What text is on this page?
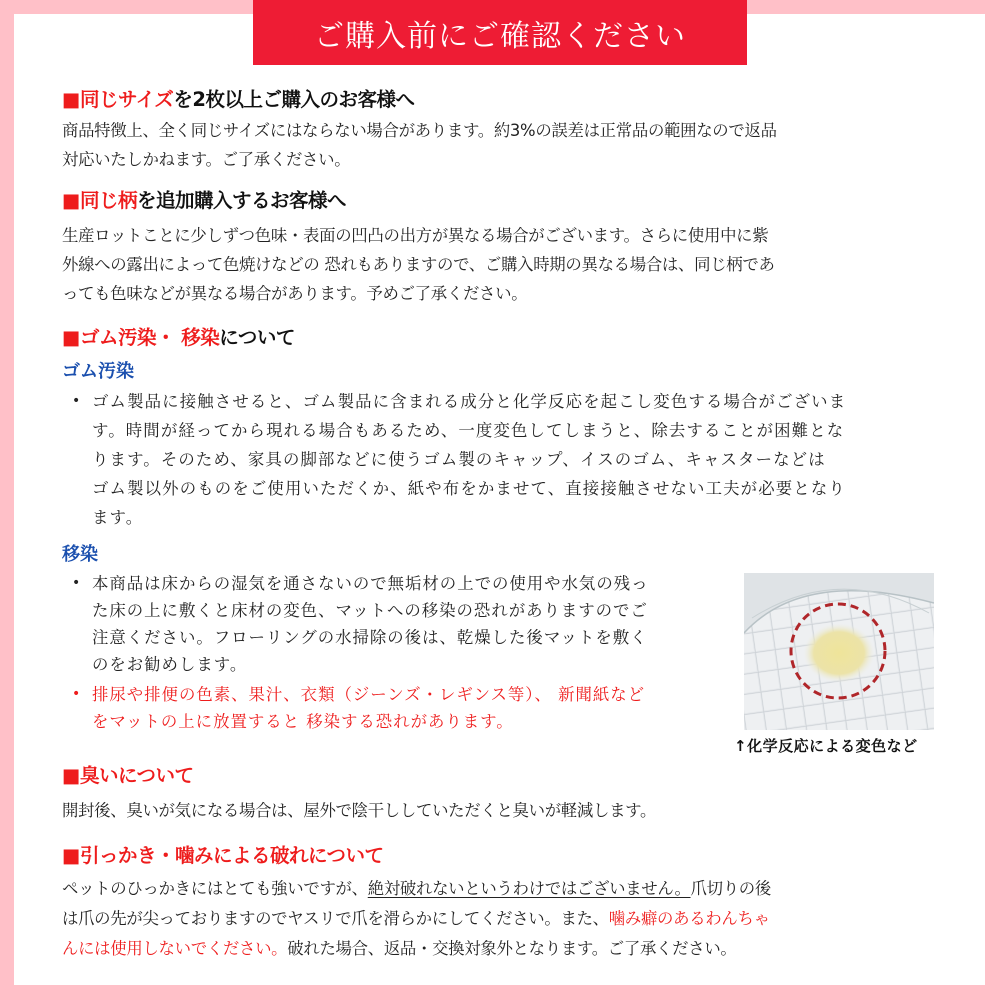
ご購入前にご確認ください
■同じサイズを2枚以上ご購入のお客様へ
商品特徴上、全く同じサイズにはならない場合があります。約3%の誤差は正常品の範囲なので返品
対応いたしかねます。ご了承ください。
■同じ柄を追加購入するお客様へ
生産ロットことに少しずつ色味・表面の凹凸の出方が異なる場合がございます。さらに使用中に紫
外線への露出によって色焼けなどの 恐れもありますので、ご購入時期の異なる場合は、同じ柄であ
っても色味などが異なる場合があります。予めご了承ください。
■ゴム汚染・ 移染について
ゴム汚染
• ゴム製品に接触させると、ゴム製品に含まれる成分と化学反応を起こし変色する場合がございま
す。時間が経ってから現れる場合もあるため、一度変色してしまうと、除去することが困難とな
ります。そのため、家具の脚部などに使うゴム製のキャップ、イスのゴム、キャスターなどは
ゴム製以外のものをご使用いただくか、紙や布をかませて、直接接触させない工夫が必要となり
ます。
移染
• 本商品は床からの湿気を通さないので無垢材の上での使用や水気の残っ
た床の上に敷くと床材の変色、マットへの移染の恐れがありますのでご
注意ください。フローリングの水掃除の後は、乾燥した後マットを敷く
のをお勧めします。
• 排尿や排便の色素、果汁、衣類（ジーンズ・レギンス等）、 新聞紙など
をマットの上に放置すると 移染する恐れがあります。
↑化学反応による変色など
■臭いについて
開封後、臭いが気になる場合は、屋外で陰干ししていただくと臭いが軽減します。
■引っかき・噛みによる破れについて
ペットのひっかきにはとても強いですが、絶対破れないというわけではございません。爪切りの後
は爪の先が尖っておりますのでヤスリで爪を滑らかにしてください。また、噛み癖のあるわんちゃ
んには使用しないでください。破れた場合、返品・交換対象外となります。ご了承ください。
